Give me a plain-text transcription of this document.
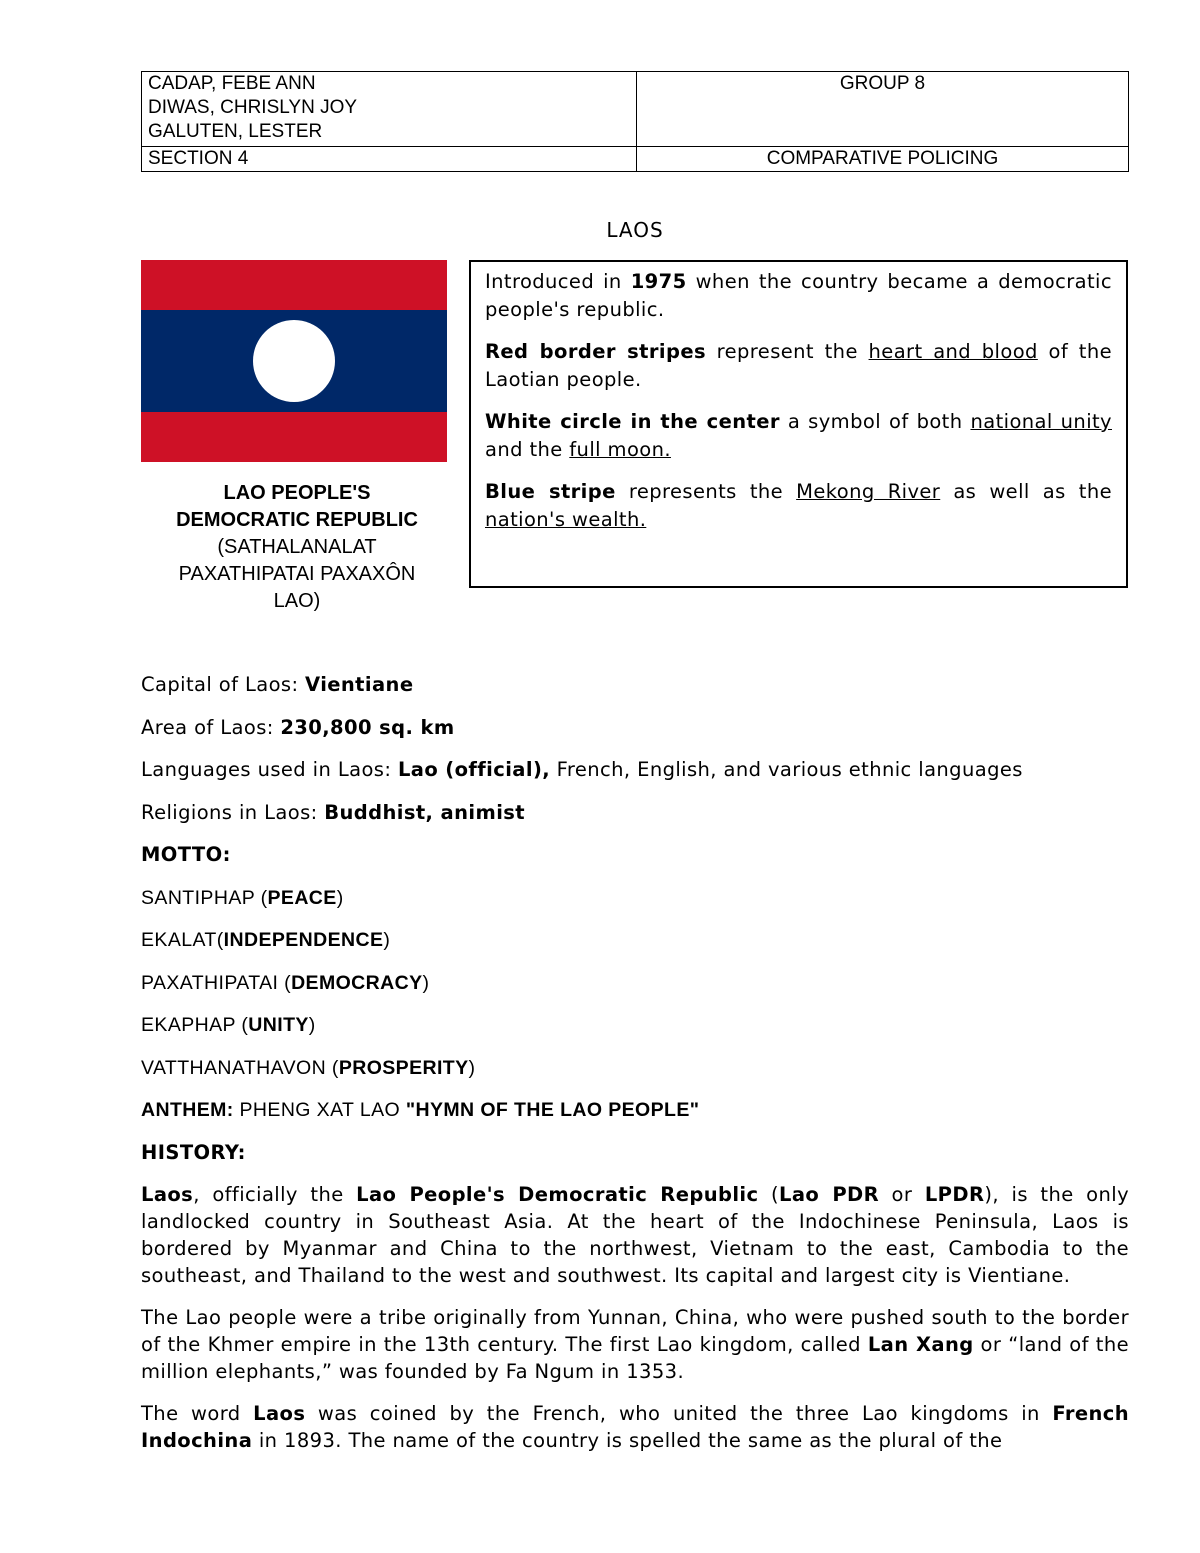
CADAP, FEBE ANN
DIWAS, CHRISLYN JOY
GALUTEN, LESTER	GROUP 8
SECTION 4	COMPARATIVE POLICING
LAOS
LAO PEOPLE'S
DEMOCRATIC REPUBLIC
(SATHALANALAT
PAXATHIPATAI PAXAXÔN
LAO)

Introduced in 1975 when the country became a democratic people's republic.

Red border stripes represent the heart and blood of the Laotian people.

White circle in the center a symbol of both national unity and the full moon.

Blue stripe represents the Mekong River as well as the nation's wealth.

Capital of Laos: Vientiane

Area of Laos: 230,800 sq. km

Languages used in Laos: Lao (official), French, English, and various ethnic languages

Religions in Laos: Buddhist, animist

MOTTO:

SANTIPHAP (PEACE)

EKALAT(INDEPENDENCE)

PAXATHIPATAI (DEMOCRACY)

EKAPHAP (UNITY)

VATTHANATHAVON (PROSPERITY)

ANTHEM: PHENG XAT LAO "HYMN OF THE LAO PEOPLE"

HISTORY:

Laos, officially the Lao People's Democratic Republic (Lao PDR or LPDR), is the only landlocked country in Southeast Asia. At the heart of the Indochinese Peninsula, Laos is bordered by Myanmar and China to the northwest, Vietnam to the east, Cambodia to the southeast, and Thailand to the west and southwest. Its capital and largest city is Vientiane.

The Lao people were a tribe originally from Yunnan, China, who were pushed south to the border of the Khmer empire in the 13th century. The first Lao kingdom, called Lan Xang or “land of the million elephants,” was founded by Fa Ngum in 1353.

The word Laos was coined by the French, who united the three Lao kingdoms in French Indochina in 1893. The name of the country is spelled the same as the plural of the
